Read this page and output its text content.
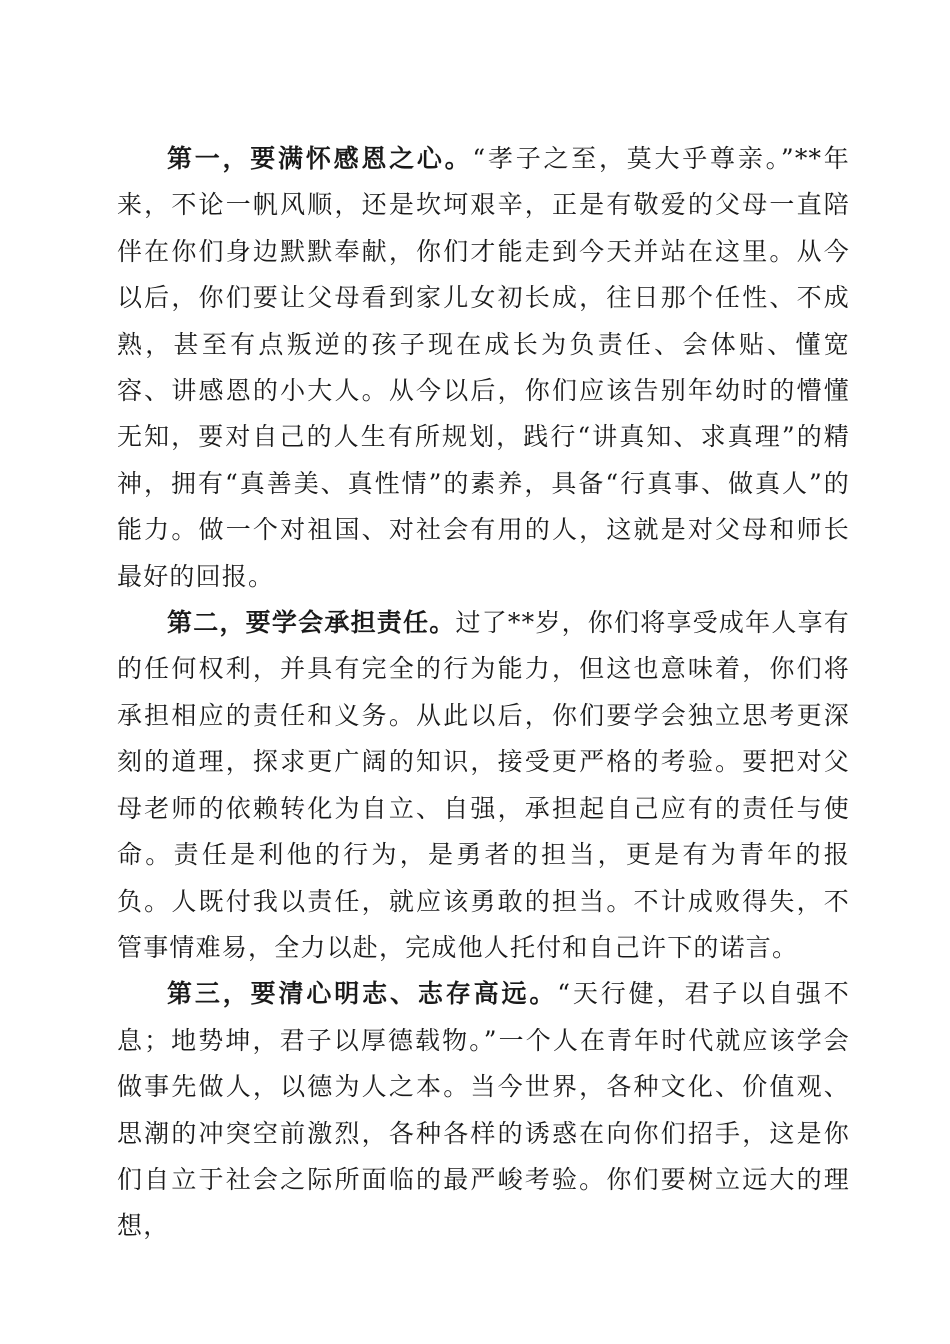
第一，要满怀感恩之心。“孝子之至，莫大乎尊亲。”**年来，不论一帆风顺，还是坎坷艰辛，正是有敬爱的父母一直陪伴在你们身边默默奉献，你们才能走到今天并站在这里。从今以后，你们要让父母看到家儿女初长成，往日那个任性、不成熟，甚至有点叛逆的孩子现在成长为负责任、会体贴、懂宽容、讲感恩的小大人。从今以后，你们应该告别年幼时的懵懂无知，要对自己的人生有所规划，践行“讲真知、求真理”的精神，拥有“真善美、真性情”的素养，具备“行真事、做真人”的能力。做一个对祖国、对社会有用的人，这就是对父母和师长最好的回报。

第二，要学会承担责任。过了**岁，你们将享受成年人享有的任何权利，并具有完全的行为能力，但这也意味着，你们将承担相应的责任和义务。从此以后，你们要学会独立思考更深刻的道理，探求更广阔的知识，接受更严格的考验。要把对父母老师的依赖转化为自立、自强，承担起自己应有的责任与使命。责任是利他的行为，是勇者的担当，更是有为青年的报负。人既付我以责任，就应该勇敢的担当。不计成败得失，不管事情难易，全力以赴，完成他人托付和自己许下的诺言。

第三，要清心明志、志存高远。“天行健，君子以自强不息；地势坤，君子以厚德载物。”一个人在青年时代就应该学会做事先做人，以德为人之本。当今世界，各种文化、价值观、思潮的冲突空前激烈，各种各样的诱惑在向你们招手，这是你们自立于社会之际所面临的最严峻考验。你们要树立远大的理想，
